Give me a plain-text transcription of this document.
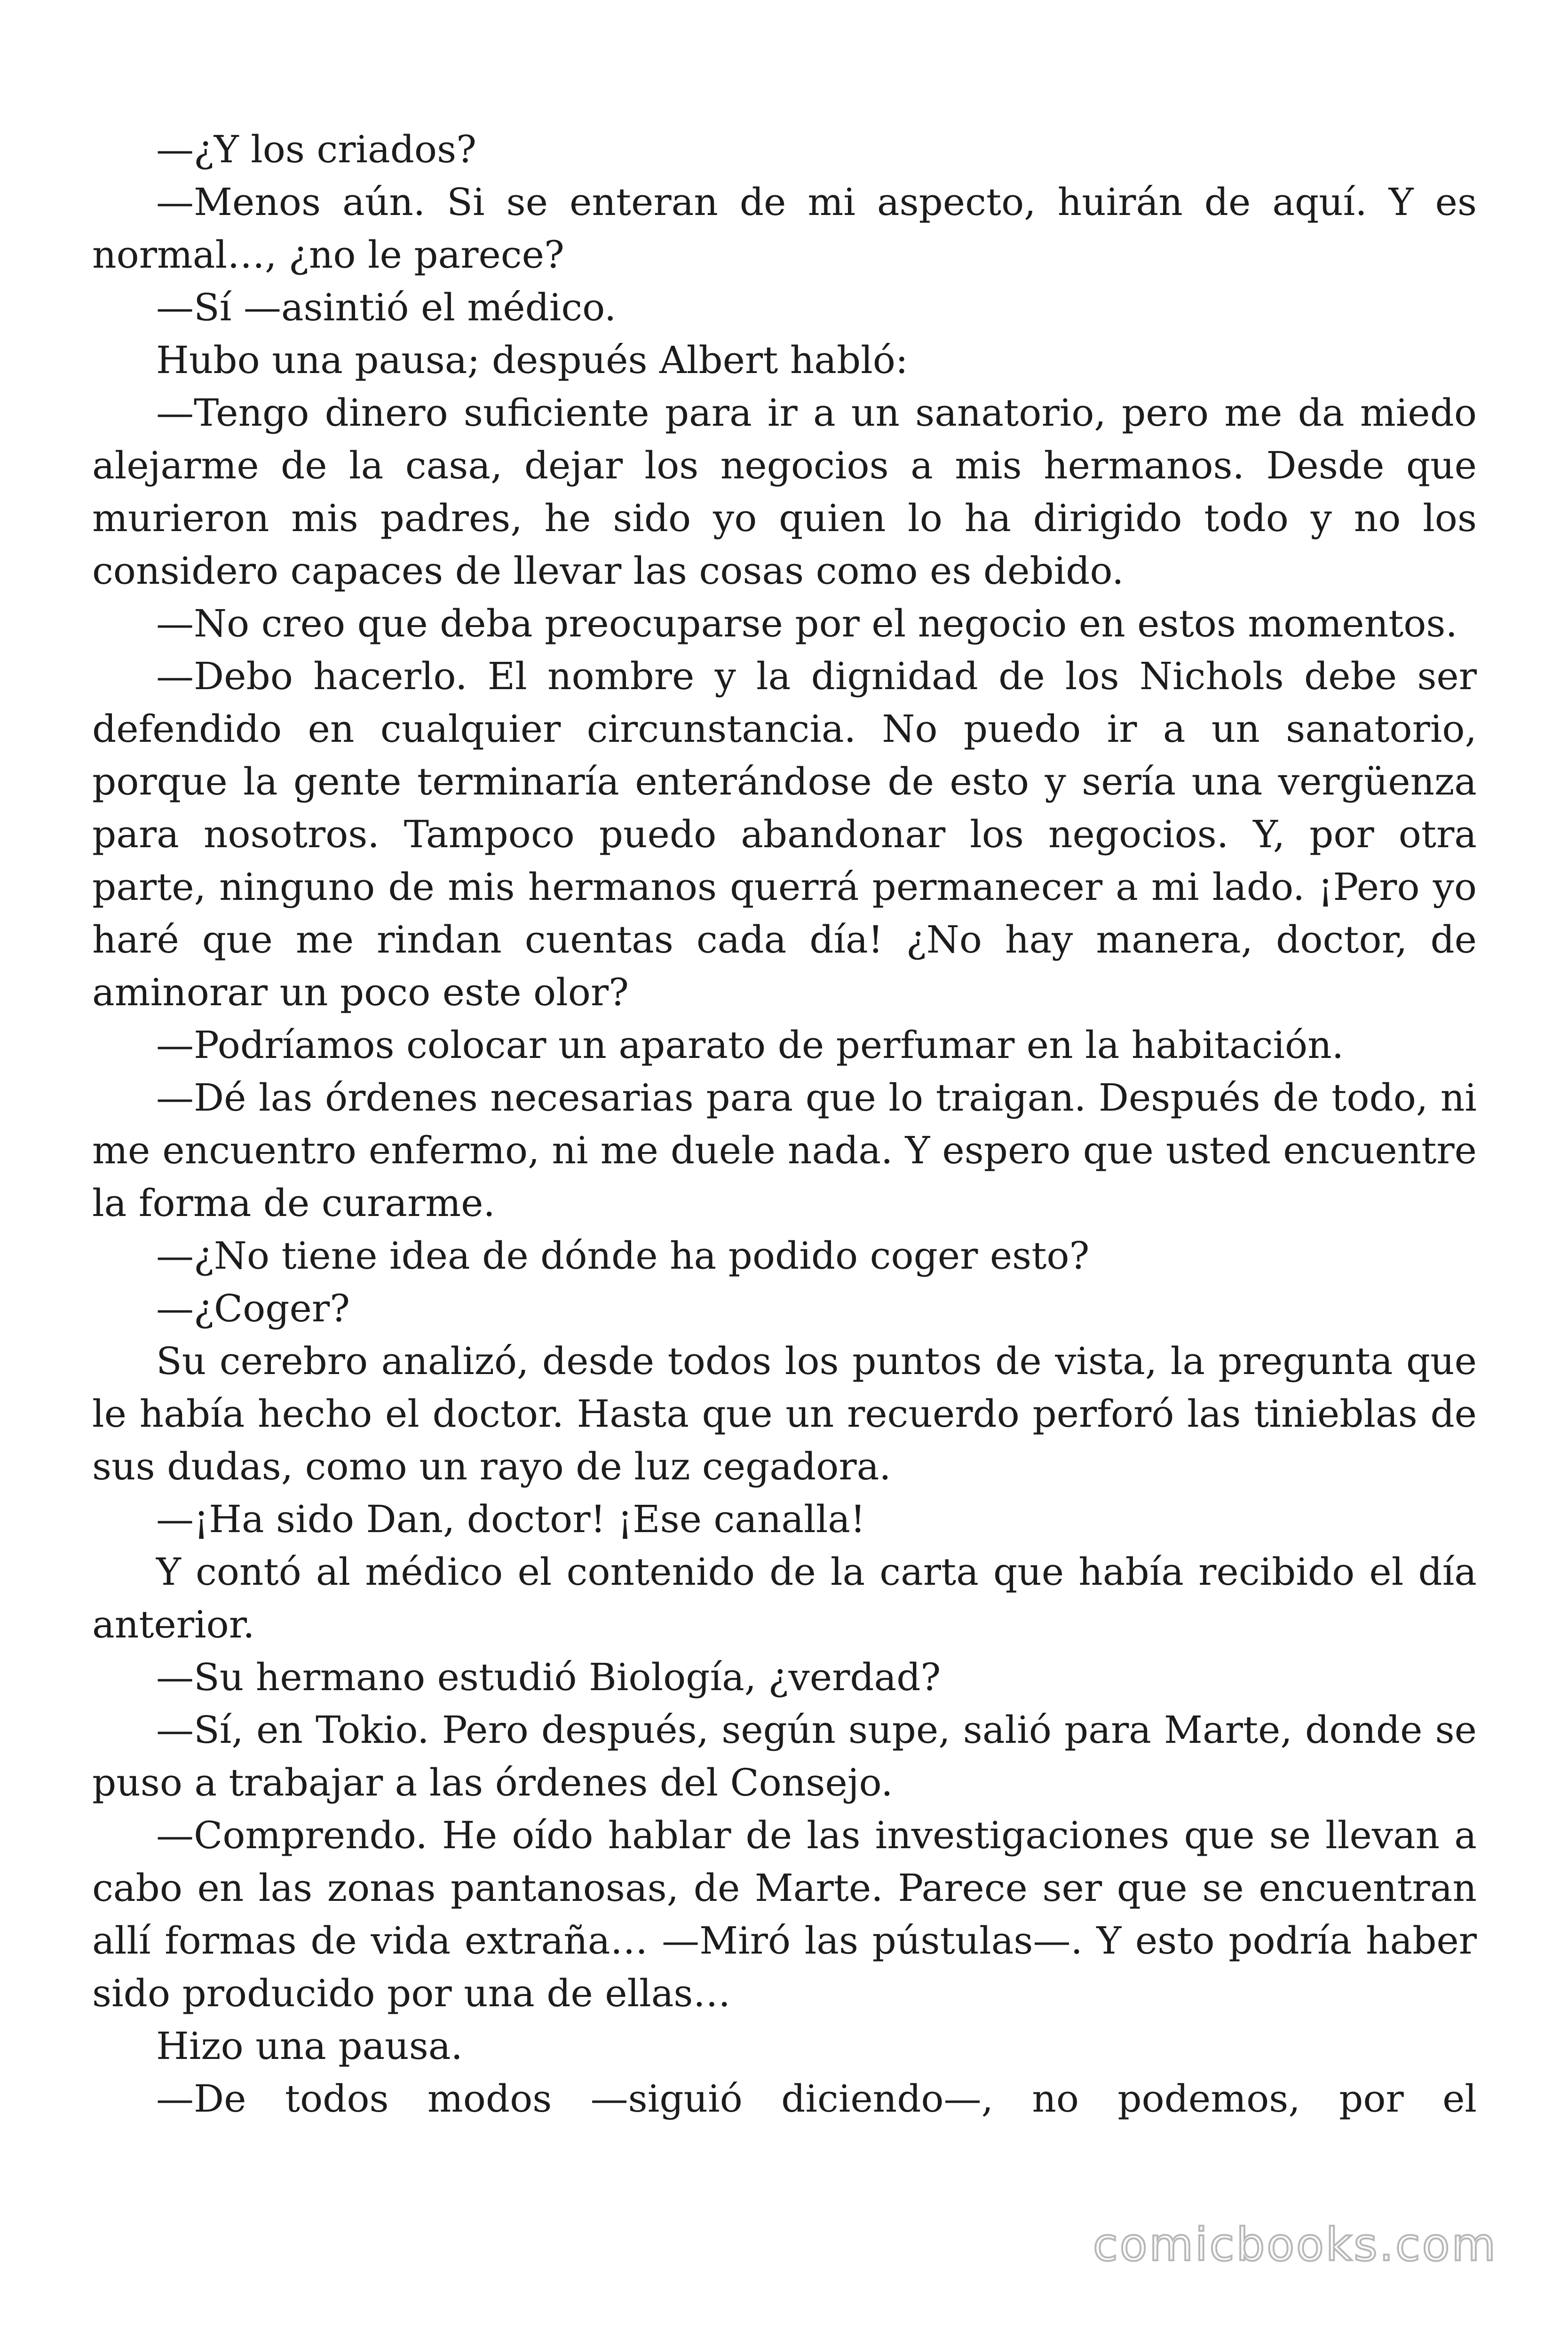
—¿Y los criados?

—Menos aún. Si se enteran de mi aspecto, huirán de aquí. Y es normal…, ¿no le parece?

—Sí —asintió el médico.

Hubo una pausa; después Albert habló:

—Tengo dinero suficiente para ir a un sanatorio, pero me da miedo alejarme de la casa, dejar los negocios a mis hermanos. Desde que murieron mis padres, he sido yo quien lo ha dirigido todo y no los considero capaces de llevar las cosas como es debido.

—No creo que deba preocuparse por el negocio en estos momentos.

—Debo hacerlo. El nombre y la dignidad de los Nichols debe ser defendido en cualquier circunstancia. No puedo ir a un sanatorio, porque la gente terminaría enterándose de esto y sería una vergüenza para nosotros. Tampoco puedo abandonar los negocios. Y, por otra parte, ninguno de mis hermanos querrá permanecer a mi lado. ¡Pero yo haré que me rindan cuentas cada día! ¿No hay manera, doctor, de aminorar un poco este olor?

—Podríamos colocar un aparato de perfumar en la habitación.

—Dé las órdenes necesarias para que lo traigan. Después de todo, ni me encuentro enfermo, ni me duele nada. Y espero que usted encuentre la forma de curarme.

—¿No tiene idea de dónde ha podido coger esto?

—¿Coger?

Su cerebro analizó, desde todos los puntos de vista, la pregunta que le había hecho el doctor. Hasta que un recuerdo perforó las tinieblas de sus dudas, como un rayo de luz cegadora.

—¡Ha sido Dan, doctor! ¡Ese canalla!

Y contó al médico el contenido de la carta que había recibido el día anterior.

—Su hermano estudió Biología, ¿verdad?

—Sí, en Tokio. Pero después, según supe, salió para Marte, donde se puso a trabajar a las órdenes del Consejo.

—Comprendo. He oído hablar de las investigaciones que se llevan a cabo en las zonas pantanosas, de Marte. Parece ser que se encuentran allí formas de vida extraña… —Miró las pústulas—. Y esto podría haber sido producido por una de ellas…

Hizo una pausa.

—De todos modos —siguió diciendo—, no podemos, por el

comicbooks.com
